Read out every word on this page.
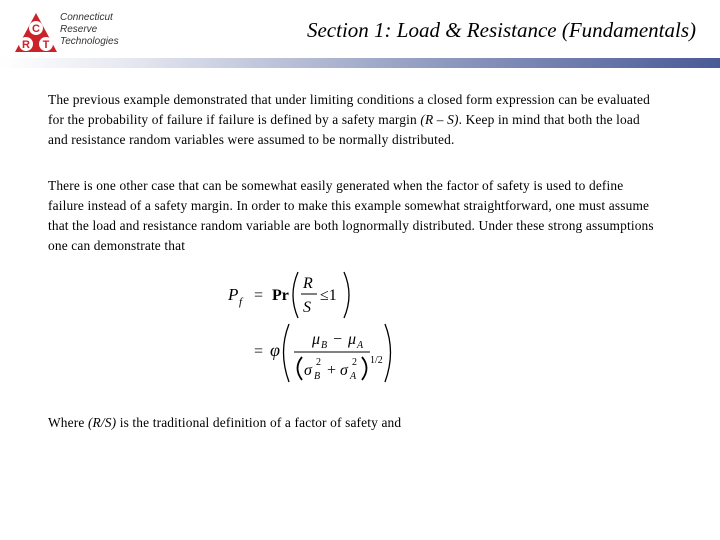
C
R T
Connecticut
Reserve
Technologies	Section 1: Load & Resistance (Fundamentals)

The previous example demonstrated that under limiting conditions a closed form expression can be evaluated for the probability of failure if failure is defined by a safety margin (R – S). Keep in mind that both the load and resistance random variables were assumed to be normally distributed.

There is one other case that can be somewhat easily generated when the factor of safety is used to define failure instead of a safety margin. In order to make this example somewhat straightforward, one must assume that the load and resistance random variable are both lognormally distributed. Under these strong assumptions one can demonstrate that

P f = Pr
R
S
≤1
= φ
μ B − μ A
σ 2
B + σ 2
A
1/2

Where (R/S) is the traditional definition of a factor of safety and
